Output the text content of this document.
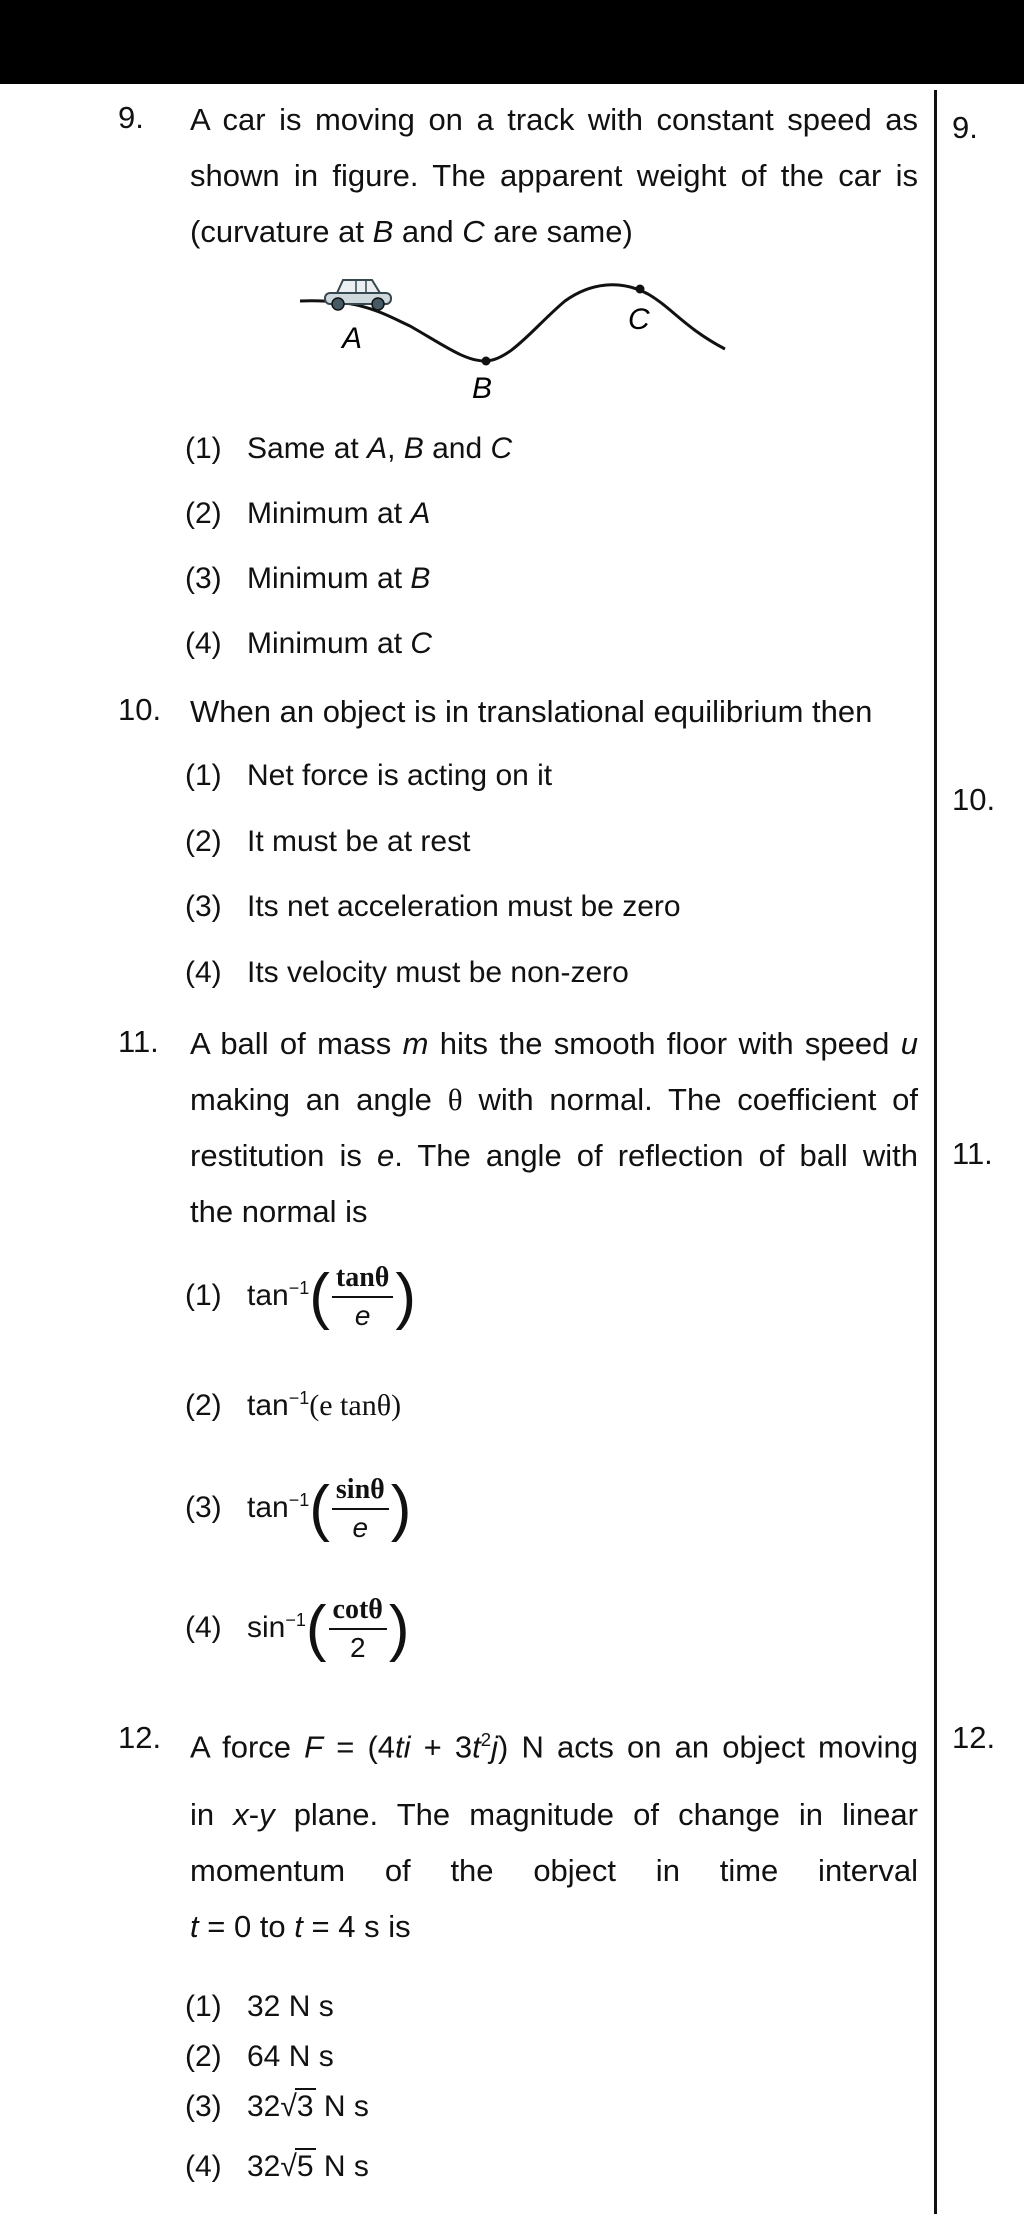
9. A car is moving on a track with constant speed as
shown in figure. The apparent weight of the car is
(curvature at B and C are same)
A
B
C
(1) Same at A, B and C
(2) Minimum at A
(3) Minimum at B
(4) Minimum at C
9.
10. When an object is in translational equilibrium then
(1) Net force is acting on it
(2) It must be at rest
(3) Its net acceleration must be zero
(4) Its velocity must be non-zero
10.
11. A ball of mass m hits the smooth floor with speed u
making an angle θ with normal. The coefficient of
restitution is e. The angle of reflection of ball with
the normal is
(1) $\tan^{-1}( \frac{\tan\theta}{e}$ )
(2) $\tan^{-1}(e$ tanθ)
(3) $\tan^{-1}( \frac{\sin\theta}{e}$ )
(4) $\sin^{-1}( \frac{\cot\theta}{2}$ )
11.
12. A force $F = (4ti + 3t^2j)$ N acts on an object moving
in x-y plane. The magnitude of change in linear
momentum of the object in time interval
t = 0 to t = 4 s is
(1) 32 N s
(2) 64 N s
(3) 32√3 N s
(4) 32√5 N s
12.
